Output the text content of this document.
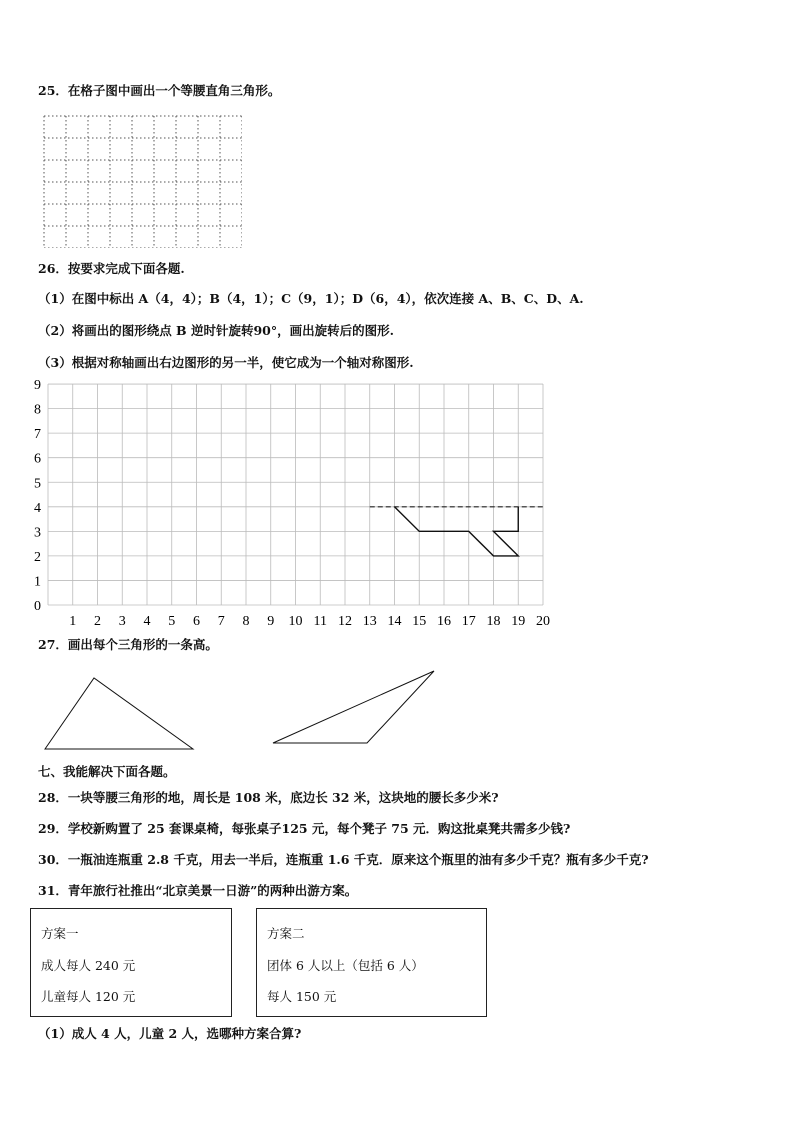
25．在格子图中画出一个等腰直角三角形。
26．按要求完成下面各题.
（1）在图中标出 A（4，4）；B（4，1）；C（9，1）；D（6，4），依次连接 A、B、C、D、A.
（2）将画出的图形绕点 B 逆时针旋转90°，画出旋转后的图形.
（3）根据对称轴画出右边图形的另一半，使它成为一个轴对称图形.
1 2 3 4 5 6 7 8 9 10 11 12 13 14 15 16 17 18 19 20
0
1
2
3
4
5
6
7
8
9
27．画出每个三角形的一条高。
七、我能解决下面各题。
28．一块等腰三角形的地，周长是 108 米，底边长 32 米，这块地的腰长多少米?
29．学校新购置了 25 套课桌椅，每张桌子125 元，每个凳子 75 元．购这批桌凳共需多少钱?
30．一瓶油连瓶重 2.8 千克，用去一半后，连瓶重 1.6 千克．原来这个瓶里的油有多少千克？瓶有多少千克?
31．青年旅行社推出“北京美景一日游”的两种出游方案。
方案一
成人每人 240 元
儿童每人 120 元
方案二
团体 6 人以上（包括 6 人）
每人 150 元
（1）成人 4 人，儿童 2 人，选哪种方案合算?
